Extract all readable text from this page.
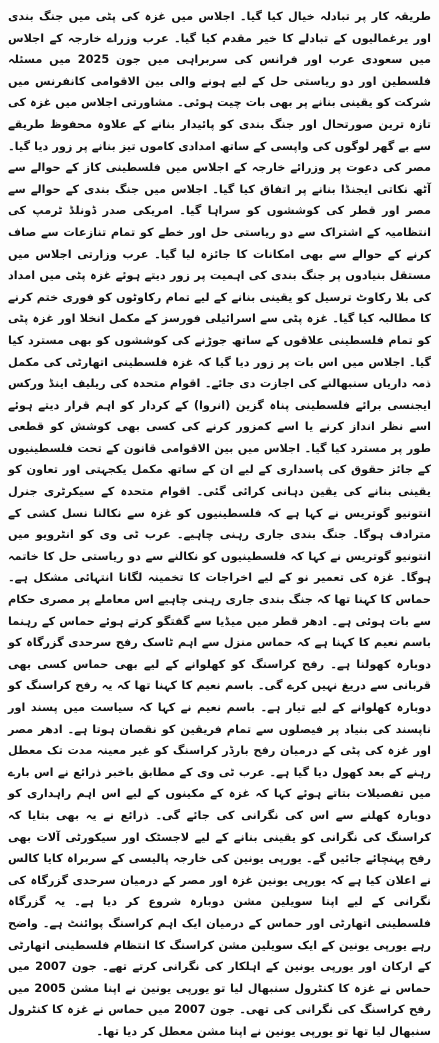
طریقہ کار پر تبادلہ خیال کیا گیا۔ اجلاس میں غزہ کی پٹی میں جنگ بندی اور یرغمالیوں کے تبادلے کا خیر مقدم کیا گیا۔ عرب وزراے خارجہ کے اجلاس میں سعودی عرب اور فرانس کی سربراہی میں جون 2025 میں مسئلہ فلسطین اور دو ریاستی حل کے لیے ہونے والی بین الاقوامی کانفرنس میں شرکت کو یقینی بنانے پر بھی بات چیت ہوئی۔ مشاورتی اجلاس میں غزہ کی تازہ ترین صورتحال اور جنگ بندی کو پائیدار بنانے کے علاوہ محفوظ طریقے سے بے گھر لوگوں کی واپسی کے ساتھ امدادی کاموں تیز بنانے پر زور دیا گیا۔ مصر کی دعوت پر وزرائے خارجہ کے اجلاس میں فلسطینی کاز کے حوالے سے آٹھ نکاتی ایجنڈا بنانے پر اتفاق کیا گیا۔ اجلاس میں جنگ بندی کے حوالے سے مصر اور قطر کی کوششوں کو سراہا گیا۔ امریکی صدر ڈونلڈ ٹرمپ کی انتظامیہ کے اشتراک سے دو ریاستی حل اور خطے کو تمام تنازعات سے صاف کرنے کے حوالے سے بھی امکانات کا جائزہ لیا گیا۔ عرب وزارتی اجلاس میں مستقل بنیادوں پر جنگ بندی کی اہمیت پر زور دیتے ہوئے غزہ پٹی میں امداد کی بلا رکاوٹ ترسیل کو یقینی بنانے کے لیے تمام رکاوٹوں کو فوری ختم کرنے کا مطالبہ کیا گیا۔ غزہ پٹی سے اسرائیلی فورسز کے مکمل انخلا اور غزہ پٹی کو تمام فلسطینی علاقوں کے ساتھ جوڑنے کی کوششوں کو بھی مسترد کیا گیا۔ اجلاس میں اس بات پر زور دیا گیا کہ غزہ فلسطینی اتھارٹی کی مکمل ذمہ داریاں سنبھالنے کی اجازت دی جائے۔ اقوام متحدہ کی ریلیف اینڈ ورکس ایجنسی برائے فلسطینی پناہ گزین (انروا) کے کردار کو اہم قرار دیتے ہوئے اسے نظر انداز کرنے یا اسے کمزور کرنے کی کسی بھی کوشش کو قطعی طور پر مسترد کیا گیا۔ اجلاس میں بین الاقوامی قانون کے تحت فلسطینیوں کے جائز حقوق کی پاسداری کے لیے ان کے ساتھ مکمل یکجہتی اور تعاون کو یقینی بنانے کی یقین دہانی کرائی گئی۔ اقوام متحدہ کے سیکرٹری جنرل انتونیو گوتریس نے کہا ہے کہ فلسطینیوں کو غزہ سے نکالنا نسل کشی کے مترادف ہوگا۔ جنگ بندی جاری رہنی چاہیے۔ عرب ٹی وی کو انٹرویو میں انتونیو گوتریس نے کہا کہ فلسطینیوں کو نکالنے سے دو ریاستی حل کا خاتمہ ہوگا۔ غزہ کی تعمیر نو کے لیے اخراجات کا تخمینہ لگانا انتہائی مشکل ہے۔ حماس کا کہنا تھا کہ جنگ بندی جاری رہنی چاہیے اس معاملے پر مصری حکام سے بات ہوئی ہے۔ ادھر قطر میں میڈیا سے گفتگو کرتے ہوئے حماس کے رہنما باسم نعیم کا کہنا ہے کہ حماس منزل سے اہم ٹاسک رفح سرحدی گزرگاہ کو دوبارہ کھولنا ہے۔ رفح کراسنگ کو کھلوانے کے لیے بھی حماس کسی بھی قربانی سے دریغ نہیں کرے گی۔ باسم نعیم کا کہنا تھا کہ یہ رفح کراسنگ کو دوبارہ کھلوانے کے لیے تیار ہے۔ باسم نعیم نے کہا کہ سیاست میں پسند اور ناپسند کی بنیاد پر فیصلوں سے تمام فریقین کو نقصان ہوتا ہے۔ ادھر مصر اور غزہ کی پٹی کے درمیان رفح بارڈر کراسنگ کو غیر معینہ مدت تک معطل رہنے کے بعد کھول دیا گیا ہے۔ عرب ٹی وی کے مطابق باخبر ذرائع نے اس بارے میں تفصیلات بتاتے ہوئے کہا کہ غزہ کے مکینوں کے لیے اس اہم راہداری کو دوبارہ کھلنے سے اس کی نگرانی کی جائے گی۔ ذرائع نے یہ بھی بتایا کہ کراسنگ کی نگرانی کو یقینی بنانے کے لیے لاجسٹک اور سیکورٹی آلات بھی رفح پہنچائے جائیں گے۔ یورپی یونین کی خارجہ پالیسی کے سربراہ کایا کالس نے اعلان کیا ہے کہ یورپی یونین غزہ اور مصر کے درمیان سرحدی گزرگاہ کی نگرانی کے لیے اپنا سویلین مشن دوبارہ شروع کر دیا ہے۔ یہ گزرگاہ فلسطینی اتھارٹی اور حماس کے درمیان ایک اہم کراسنگ پوائنٹ ہے۔ واضح رہے یورپی یونین کے ایک سویلین مشن کراسنگ کا انتظام فلسطینی اتھارٹی کے ارکان اور یورپی یونین کے اہلکار کی نگرانی کرتے تھے۔ جون 2007 میں حماس نے غزہ کا کنٹرول سنبھال لیا تو یورپی یونین نے اپنا مشن 2005 میں رفح کراسنگ کی نگرانی کی تھی۔ جون 2007 میں حماس نے غزہ کا کنٹرول سنبھال لیا تھا تو یورپی یونین نے اپنا مشن معطل کر دیا تھا۔
